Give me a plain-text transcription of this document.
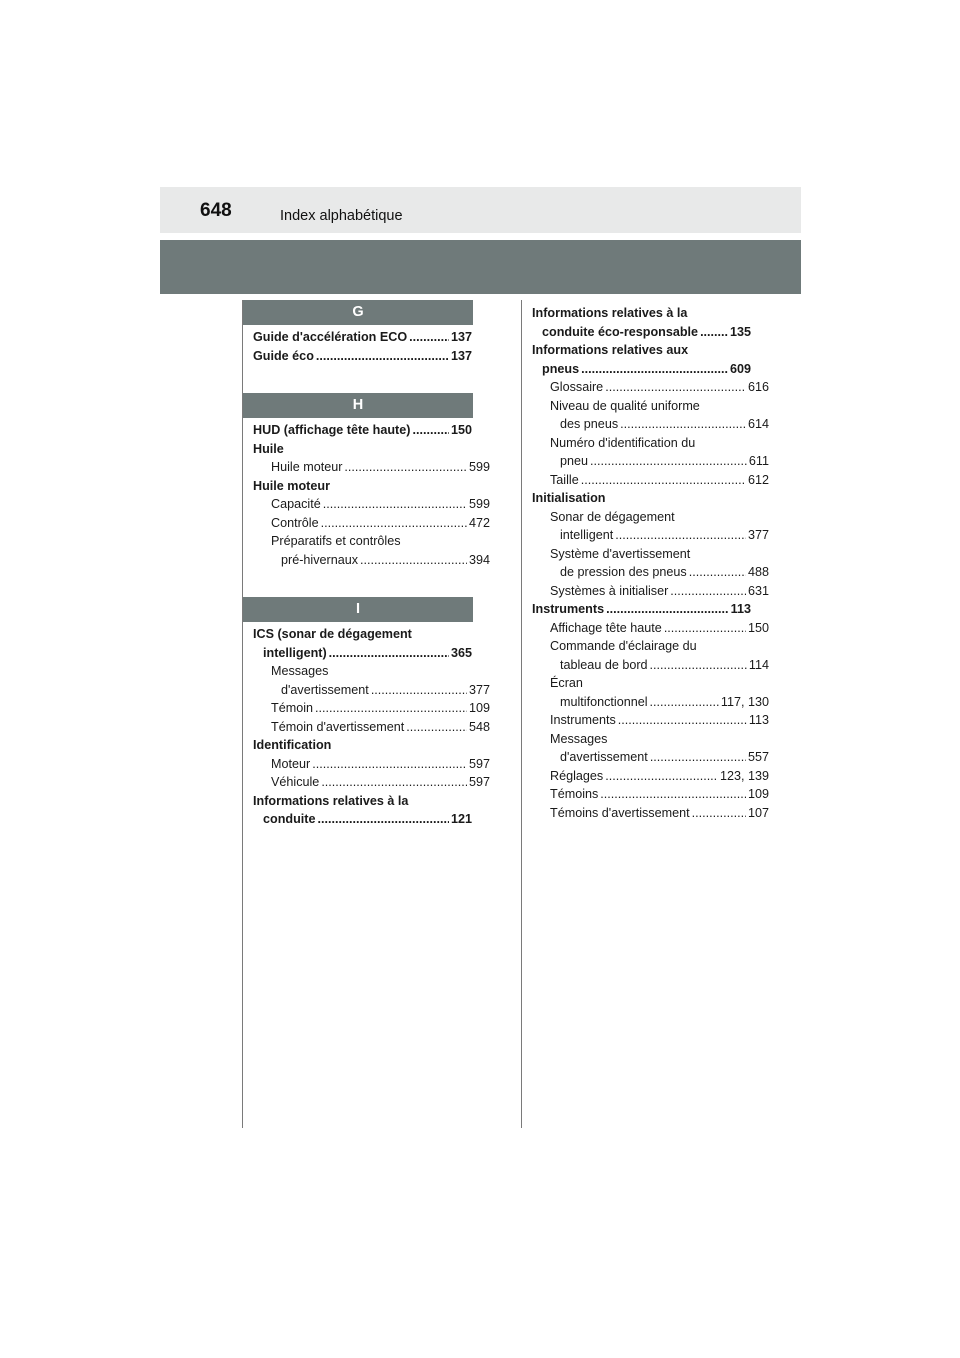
648	Index alphabétique
G
Guide d'accélération ECO .....	137
Guide éco .....	137
H
HUD (affichage tête haute) .....	150
Huile
Huile moteur .....	599
Huile moteur
Capacité .....	599
Contrôle .....	472
Préparatifs et contrôles
pré-hivernaux .....	394
I
ICS (sonar de dégagement
intelligent) .....	365
Messages
d'avertissement .....	377
Témoin .....	109
Témoin d'avertissement .....	548
Identification
Moteur .....	597
Véhicule .....	597
Informations relatives à la
conduite .....	121
Informations relatives à la
conduite éco-responsable .....	135
Informations relatives aux
pneus .....	609
Glossaire .....	616
Niveau de qualité uniforme
des pneus .....	614
Numéro d'identification du
pneu .....	611
Taille .....	612
Initialisation
Sonar de dégagement
intelligent .....	377
Système d'avertissement
de pression des pneus .....	488
Systèmes à initialiser .....	631
Instruments .....	113
Affichage tête haute .....	150
Commande d'éclairage du
tableau de bord .....	114
Écran
multifonctionnel .....	117, 130
Instruments .....	113
Messages
d'avertissement .....	557
Réglages .....	123, 139
Témoins .....	109
Témoins d'avertissement .....	107
